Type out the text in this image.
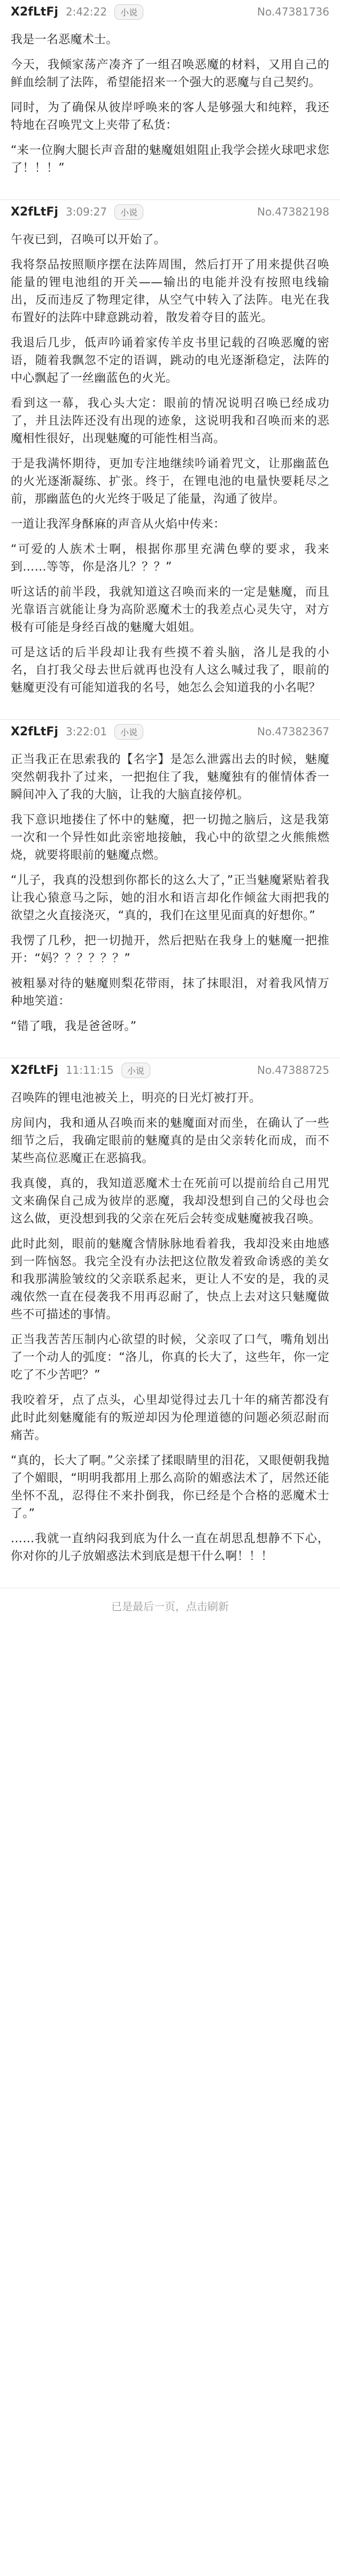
X2fLtFj 2:42:22	小说	No.47381736

我是一名恶魔术士。

今天，我倾家荡产凑齐了一组召唤恶魔的材料，又用自己的鲜血绘制了法阵，希望能招来一个强大的恶魔与自己契约。

同时，为了确保从彼岸呼唤来的客人是够强大和纯粹，我还特地在召唤咒文上夹带了私货：

“来一位胸大腿长声音甜的魅魔姐姐阻止我学会搓火球吧求您了！！！”

X2fLtFj 3:09:27	小说	No.47382198

午夜已到，召唤可以开始了。

我将祭品按照顺序摆在法阵周围，然后打开了用来提供召唤能量的锂电池组的开关——输出的电能并没有按照电线输出，反而违反了物理定律，从空气中转入了法阵。电光在我布置好的法阵中肆意跳动着，散发着夺目的蓝光。

我退后几步，低声吟诵着家传羊皮书里记载的召唤恶魔的密语，随着我飘忽不定的语调，跳动的电光逐渐稳定，法阵的中心飘起了一丝幽蓝色的火光。

看到这一幕，我心头大定：眼前的情况说明召唤已经成功了，并且法阵还没有出现的迹象，这说明我和召唤而来的恶魔相性很好，出现魅魔的可能性相当高。

于是我满怀期待，更加专注地继续吟诵着咒文，让那幽蓝色的火光逐渐凝练、扩张。终于，在锂电池的电量快要耗尽之前，那幽蓝色的火光终于吸足了能量，沟通了彼岸。

一道让我浑身酥麻的声音从火焰中传来：

“可爱的人族术士啊，根据你那里充满色孽的要求，我来到……等等，你是洛儿？？？”

听这话的前半段，我就知道这召唤而来的一定是魅魔，而且光靠语言就能让身为高阶恶魔术士的我差点心灵失守，对方极有可能是身经百战的魅魔大姐姐。

可是这话的后半段却让我有些摸不着头脑，洛儿是我的小名，自打我父母去世后就再也没有人这么喊过我了，眼前的魅魔更没有可能知道我的名号，她怎么会知道我的小名呢？

X2fLtFj 3:22:01	小说	No.47382367

正当我正在思索我的【名字】是怎么泄露出去的时候，魅魔突然朝我扑了过来，一把抱住了我，魅魔独有的催情体香一瞬间冲入了我的大脑，让我的大脑直接停机。

我下意识地搂住了怀中的魅魔，把一切抛之脑后，这是我第一次和一个异性如此亲密地接触，我心中的欲望之火熊熊燃烧，就要将眼前的魅魔点燃。

“儿子，我真的没想到你都长的这么大了，”正当魅魔紧贴着我让我心猿意马之际，她的泪水和语言却化作倾盆大雨把我的欲望之火直接浇灭，“真的，我们在这里见面真的好想你。”

我愣了几秒，把一切抛开，然后把贴在我身上的魅魔一把推开：“妈？？？？？？”

被粗暴对待的魅魔则梨花带雨，抹了抹眼泪，对着我风情万种地笑道：

“错了哦，我是爸爸呀。”

X2fLtFj 11:11:15	小说	No.47388725

召唤阵的锂电池被关上，明亮的日光灯被打开。

房间内，我和通从召唤而来的魅魔面对而坐，在确认了一些细节之后，我确定眼前的魅魔真的是由父亲转化而成，而不某些高位恶魔正在恶搞我。

我真傻，真的，我知道恶魔术士在死前可以提前给自己用咒文来确保自己成为彼岸的恶魔，我却没想到自己的父母也会这么做，更没想到我的父亲在死后会转变成魅魔被我召唤。

此时此刻，眼前的魅魔含情脉脉地看着我，我却没来由地感到一阵恼怒。我完全没有办法把这位散发着致命诱惑的美女和我那满脸皱纹的父亲联系起来，更让人不安的是，我的灵魂依然一直在侵袭我不用再忍耐了，快点上去对这只魅魔做些不可描述的事情。

正当我苦苦压制内心欲望的时候，父亲叹了口气，嘴角划出了一个动人的弧度：“洛儿，你真的长大了，这些年，你一定吃了不少苦吧？”

我咬着牙，点了点头，心里却觉得过去几十年的痛苦都没有此时此刻魅魔能有的叛逆却因为伦理道德的问题必须忍耐而痛苦。

“真的，长大了啊。”父亲揉了揉眼睛里的泪花，又眼便朝我抛了个媚眼，“明明我都用上那么高阶的媚惑法术了，居然还能坐怀不乱，忍得住不来扑倒我，你已经是个合格的恶魔术士了。”

……我就一直纳闷我到底为什么一直在胡思乱想静不下心，你对你的儿子放媚惑法术到底是想干什么啊！！！

已是最后一页，点击刷新
